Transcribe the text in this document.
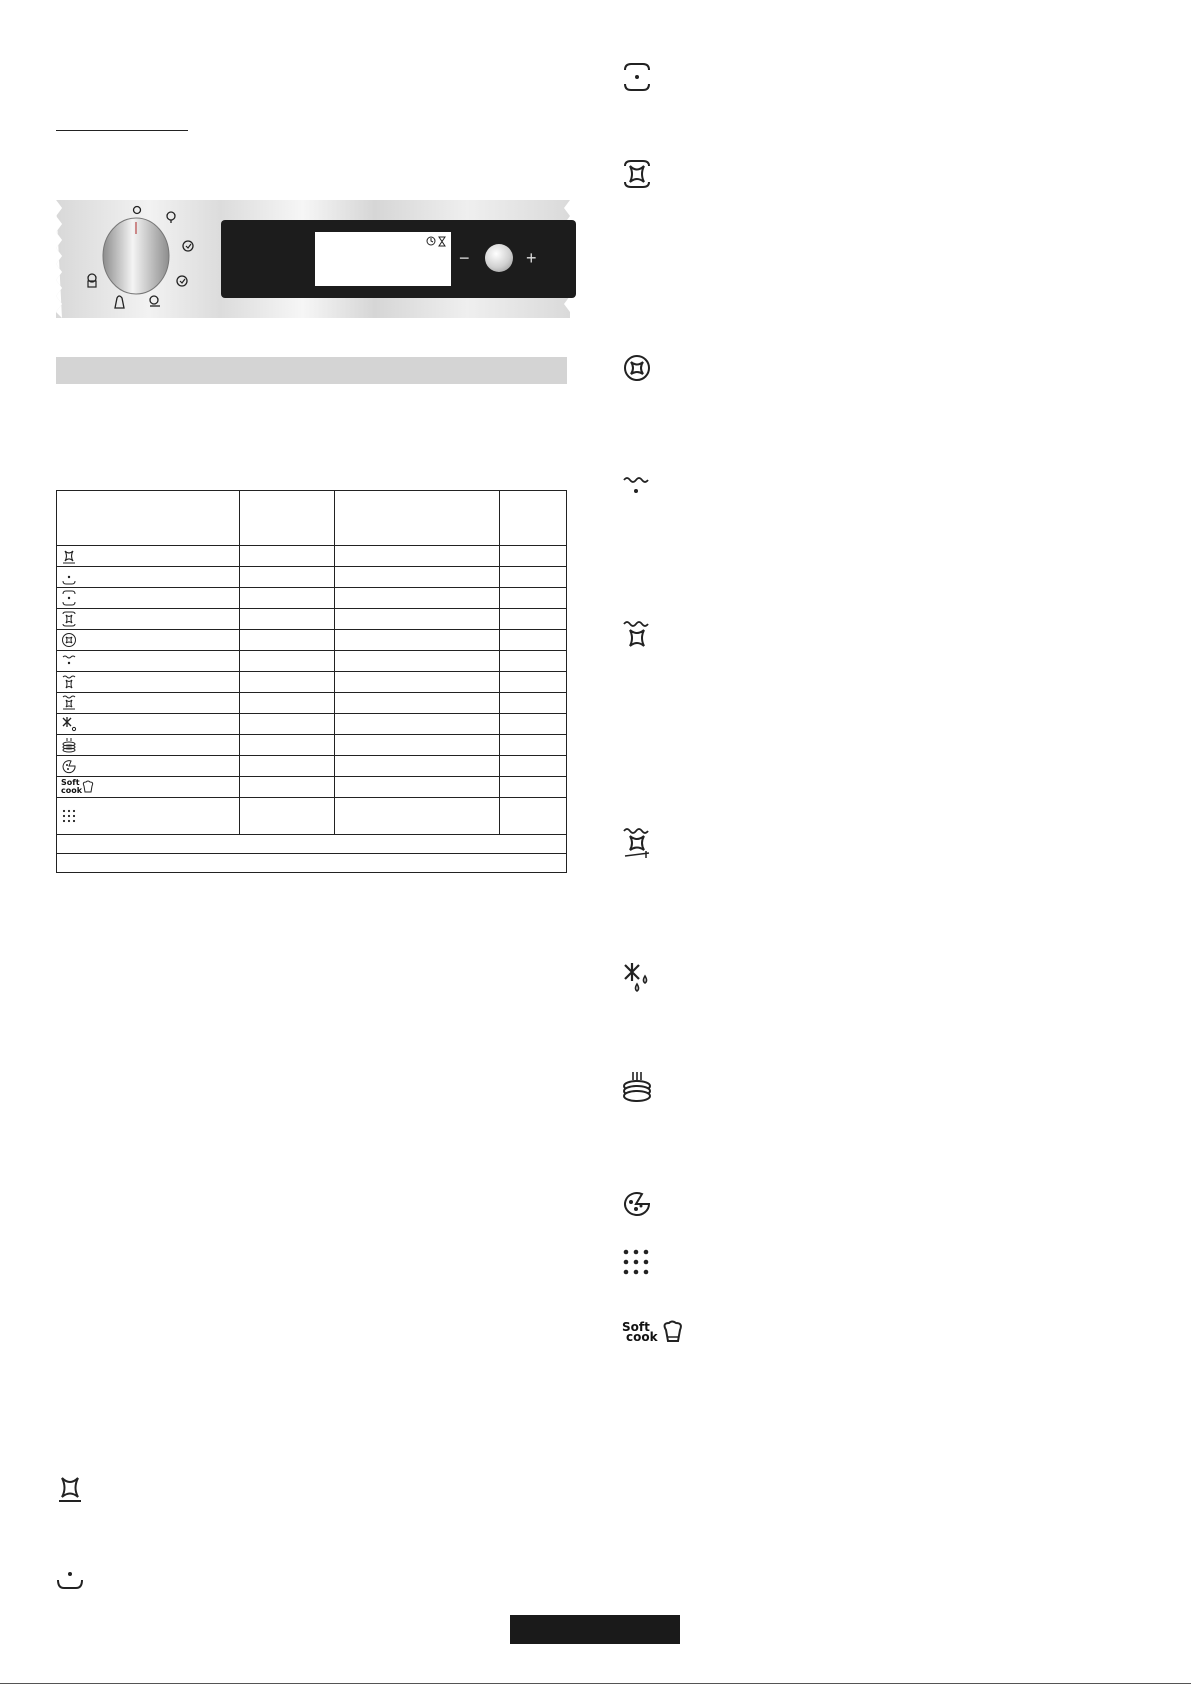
−	+

Soft
cook			

Soft
cook
